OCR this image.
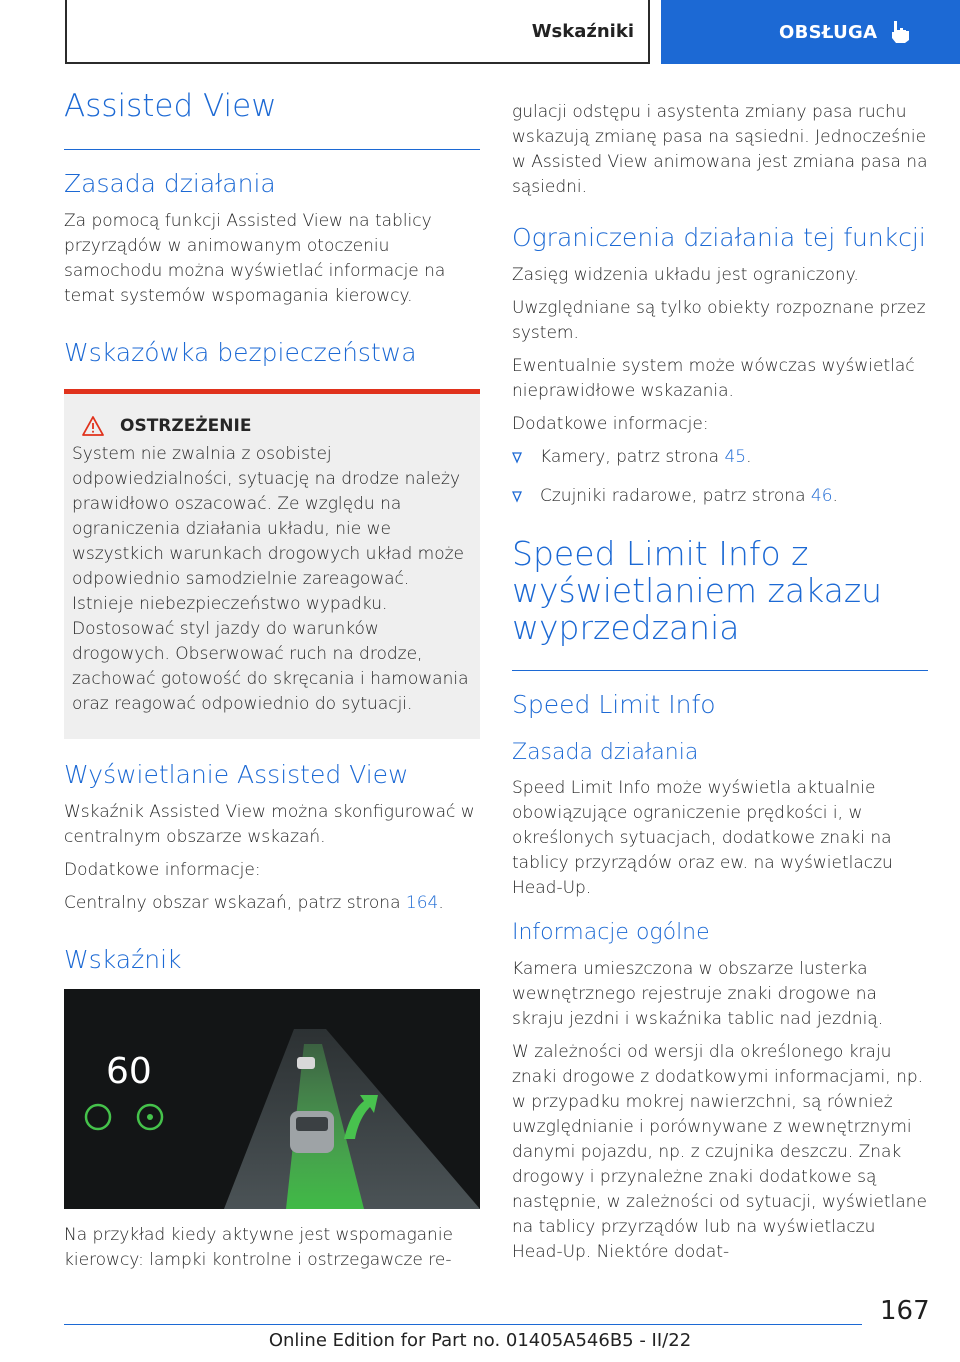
Wskaźniki	OBSŁUGA
Assisted View
Zasada działania

Za pomocą funkcji Assisted View na tablicy przyrządów w animowanym otoczeniu samochodu można wyświetlać informacje na temat systemów wspomagania kierowcy.

Wskazówka bezpieczeństwa
OSTRZEŻENIE

System nie zwalnia z osobistej odpowiedzialności, sytuację na drodze należy prawidłowo oszacować. Ze względu na ograniczenia działania układu, nie we wszystkich warunkach drogowych układ może odpowiednio samodzielnie zareagować. Istnieje niebezpieczeństwo wypadku. Dostosować styl jazdy do warunków drogowych. Obserwować ruch na drodze, zachować gotowość do skręcania i hamowania oraz reagować odpowiednio do sytuacji.

Wyświetlanie Assisted View

Wskaźnik Assisted View można skonfigurować w centralnym obszarze wskazań.

Dodatkowe informacje:

Centralny obszar wskazań, patrz strona 164.

Wskaźnik
60

Na przykład kiedy aktywne jest wspomaganie kierowcy: lampki kontrolne i ostrzegawcze re-

gulacji odstępu i asystenta zmiany pasa ruchu wskazują zmianę pasa na sąsiedni. Jednocześnie w Assisted View animowana jest zmiana pasa na sąsiedni.

Ograniczenia działania tej funkcji

Zasięg widzenia układu jest ograniczony.

Uwzględniane są tylko obiekty rozpoznane przez system.

Ewentualnie system może wówczas wyświetlać nieprawidłowe wskazania.

Dodatkowe informacje:

Kamery, patrz strona 45.
Czujniki radarowe, patrz strona 46.
Speed Limit Info z wyświetlaniem zakazu wyprzedzania
Speed Limit Info
Zasada działania

Speed Limit Info może wyświetla aktualnie obowiązujące ograniczenie prędkości i, w określonych sytuacjach, dodatkowe znaki na tablicy przyrządów oraz ew. na wyświetlaczu Head-Up.

Informacje ogólne

Kamera umieszczona w obszarze lusterka wewnętrznego rejestruje znaki drogowe na skraju jezdni i wskaźnika tablic nad jezdnią.

W zależności od wersji dla określonego kraju znaki drogowe z dodatkowymi informacjami, np. w przypadku mokrej nawierzchni, są również uwzględnianie i porównywane z wewnętrznymi danymi pojazdu, np. z czujnika deszczu. Znak drogowy i przynależne znaki dodatkowe są następnie, w zależności od sytuacji, wyświetlane na tablicy przyrządów lub na wyświetlaczu Head-Up. Niektóre dodat-

167
Online Edition for Part no. 01405A546B5 - II/22
